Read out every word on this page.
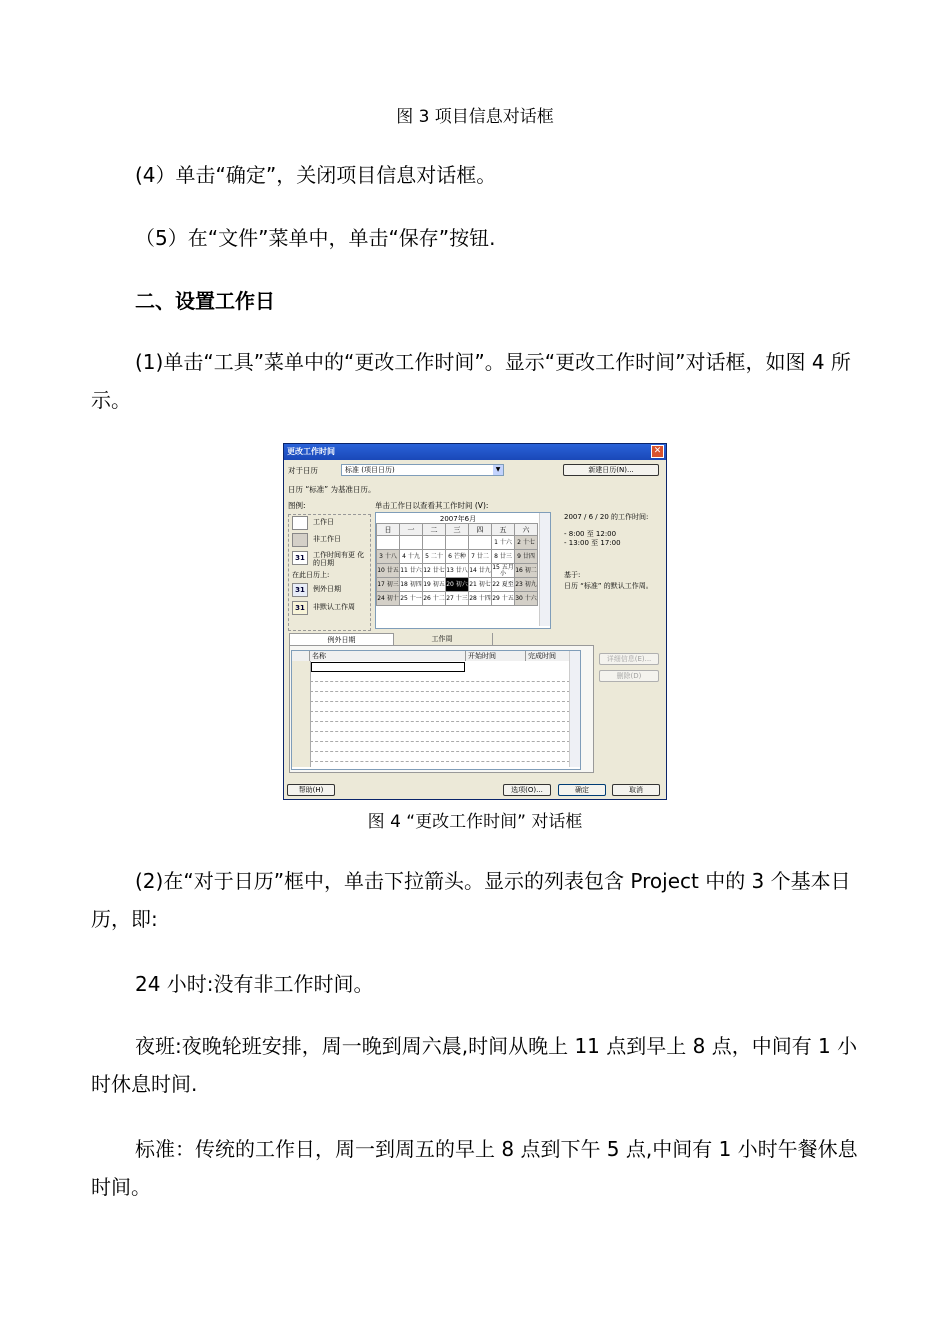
图 3 项目信息对话框
(4）单击“确定”，关闭项目信息对话框。
（5）在“文件”菜单中，单击“保存”按钮.
二、设置工作日
(1)单击“工具”菜单中的“更改工作时间”。显示“更改工作时间”对话框，如图 4 所示。
更改工作时间	✕
对于日历	标准 (项目日历)	▼	新建日历(N)...
日历 “标准” 为基准日历。
图例:	单击工作日以查看其工作时间 (V):
工作日
非工作日
31	工作时间有更 化的日期
在此日历上:
31	例外日期
31	非默认工作周
2007年6月
日	一	二	三	四	五	六
					1 十六	2 十七
3 十八	4 十九	5 二十	6 芒种	7 廿二	8 廿三	9 廿四
10 廿五	11 廿六	12 廿七	13 廿八	14 廿九	15 五月小	16 初二
17 初三	18 初四	19 初五	20 初六	21 初七	22 夏至	23 初九
24 初十	25 十一	26 十二	27 十三	28 十四	29 十五	30 十六
2007 / 6 / 20 的工作时间:
- 8:00 至 12:00
- 13:00 至 17:00
基于:
日历 “标准” 的默认工作周。
例外日期	工作周
名称	开始时间	完成时间	详细信息(E)...
删除(D)
帮助(H)	选项(O)...	确定	取消
图 4 “更改工作时间” 对话框
(2)在“对于日历”框中，单击下拉箭头。显示的列表包含 Project 中的 3 个基本日历，即:
24 小时:没有非工作时间。
夜班:夜晚轮班安排，周一晚到周六晨,时间从晚上 11 点到早上 8 点，中间有 1 小时休息时间.
标准：传统的工作日，周一到周五的早上 8 点到下午 5 点,中间有 1 小时午餐休息时间。
